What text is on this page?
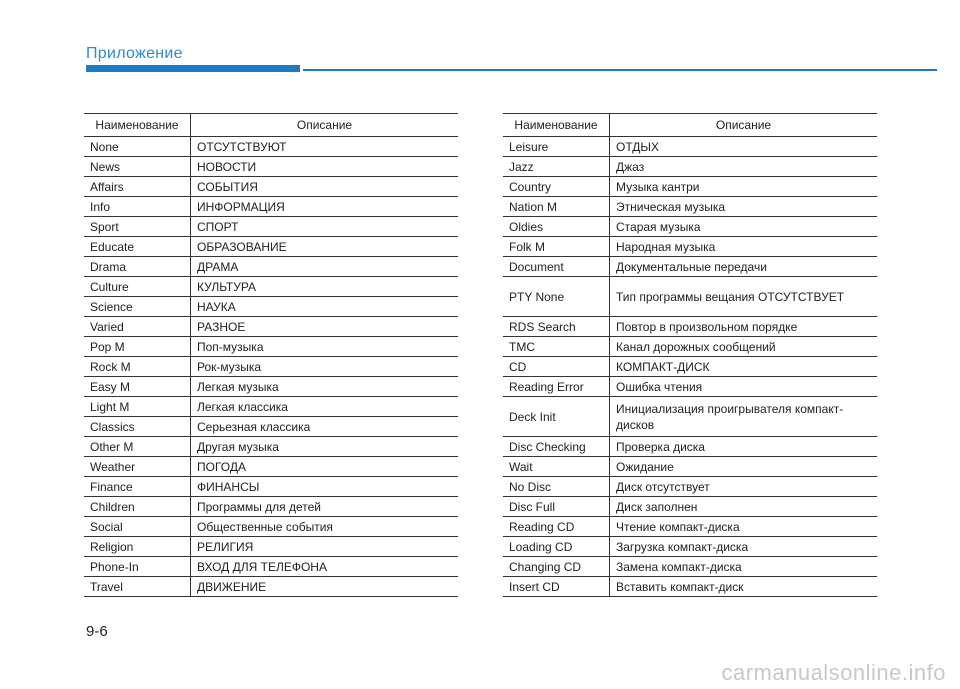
Приложение
Наименование	Описание
None	ОТСУТСТВУЮТ
News	НОВОСТИ
Affairs	СОБЫТИЯ
Info	ИНФОРМАЦИЯ
Sport	СПОРТ
Educate	ОБРАЗОВАНИЕ
Drama	ДРАМА
Culture	КУЛЬТУРА
Science	НАУКА
Varied	РАЗНОЕ
Pop M	Поп-музыка
Rock M	Рок-музыка
Easy M	Легкая музыка
Light M	Легкая классика
Classics	Серьезная классика
Other M	Другая музыка
Weather	ПОГОДА
Finance	ФИНАНСЫ
Children	Программы для детей
Social	Общественные события
Religion	РЕЛИГИЯ
Phone-In	ВХОД ДЛЯ ТЕЛЕФОНА
Travel	ДВИЖЕНИЕ
Наименование	Описание
Leisure	ОТДЫХ
Jazz	Джаз
Country	Музыка кантри
Nation M	Этническая музыка
Oldies	Старая музыка
Folk M	Народная музыка
Document	Документальные передачи
PTY None	Тип программы вещания ОТСУТСТВУЕТ
RDS Search	Повтор в произвольном порядке
TMC	Канал дорожных сообщений
CD	КОМПАКТ-ДИСК
Reading Error	Ошибка чтения
Deck Init	Инициализация проигрывателя компакт-дисков
Disc Checking	Проверка диска
Wait	Ожидание
No Disc	Диск отсутствует
Disc Full	Диск заполнен
Reading CD	Чтение компакт-диска
Loading CD	Загрузка компакт-диска
Changing CD	Замена компакт-диска
Insert CD	Вставить компакт-диск
9-6
carmanualsonline.info
